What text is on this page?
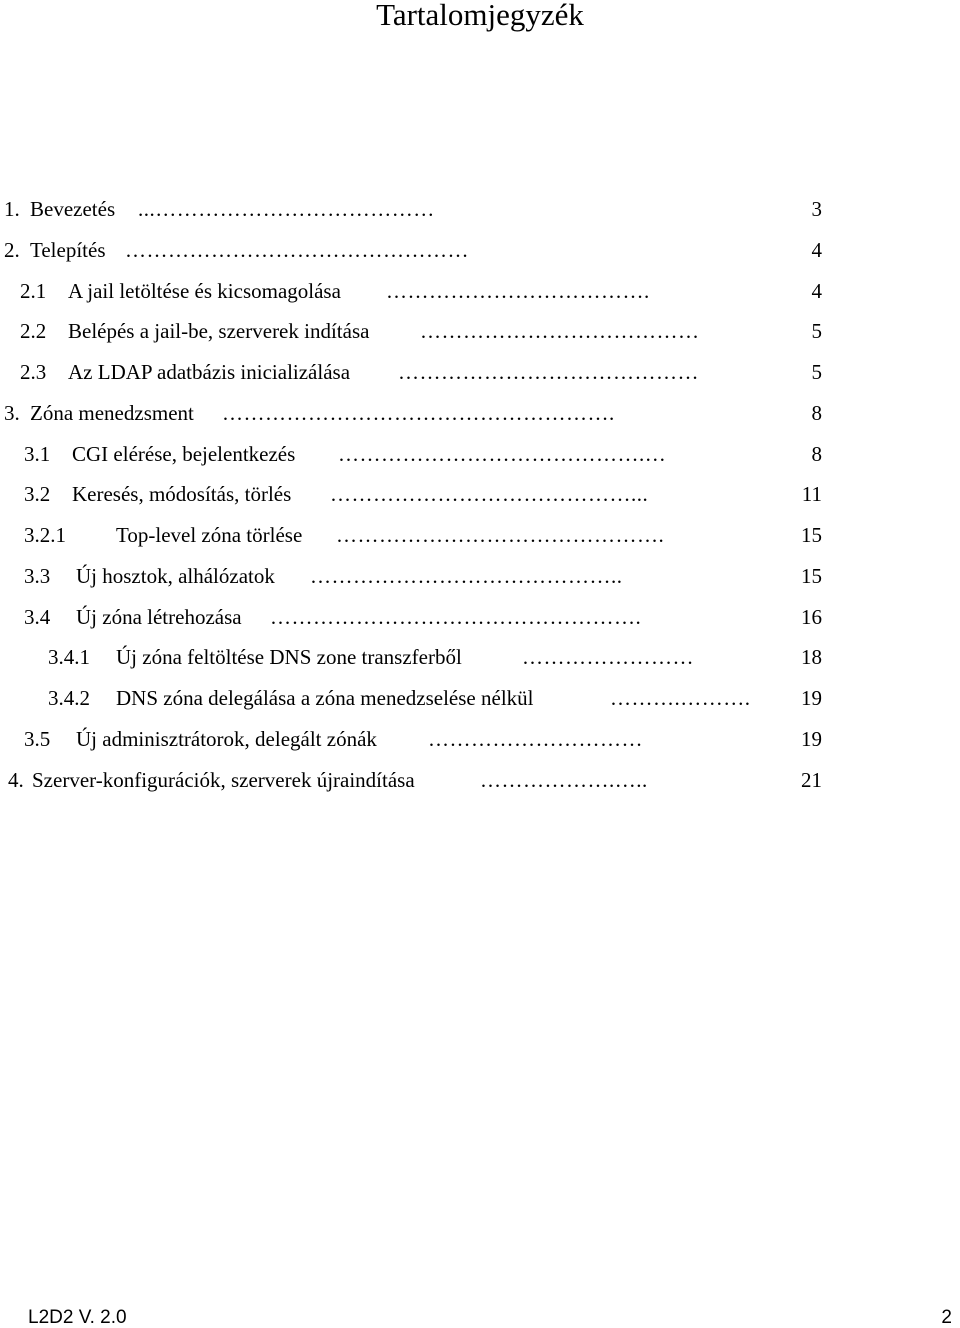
Tartalomjegyzék
1. Bevezetés ...…………………………………	3
2. Telepítés …………………………………………	4
2.1 A jail letöltése és kicsomagolása ……………………………….	4
2.2 Belépés a jail-be, szerverek indítása …………………………………	5
2.3 Az LDAP adatbázis inicializálása ……………………………………	5
3. Zóna menedzsment ……………………………………………….	8
3.1 CGI elérése, bejelentkezés …………………………………….…	8
3.2 Keresés, módosítás, törlés ……………………………………...	11
3.2.1 Top-level zóna törlése ……………………………………….	15
3.3 Új hosztok, alhálózatok ……………………………………..	15
3.4 Új zóna létrehozása …………………………………………….	16
3.4.1 Új zóna feltöltése DNS zone transzferből	……………………	18
3.4.2 DNS zóna delegálása a zóna menedzselése nélkül	……….……….	19
3.5 Új adminisztrátorok, delegált zónák …………………………	19
4. Szerver-konfigurációk, szerverek újraindítása	……………….…..	21
L2D2 V. 2.0	2
